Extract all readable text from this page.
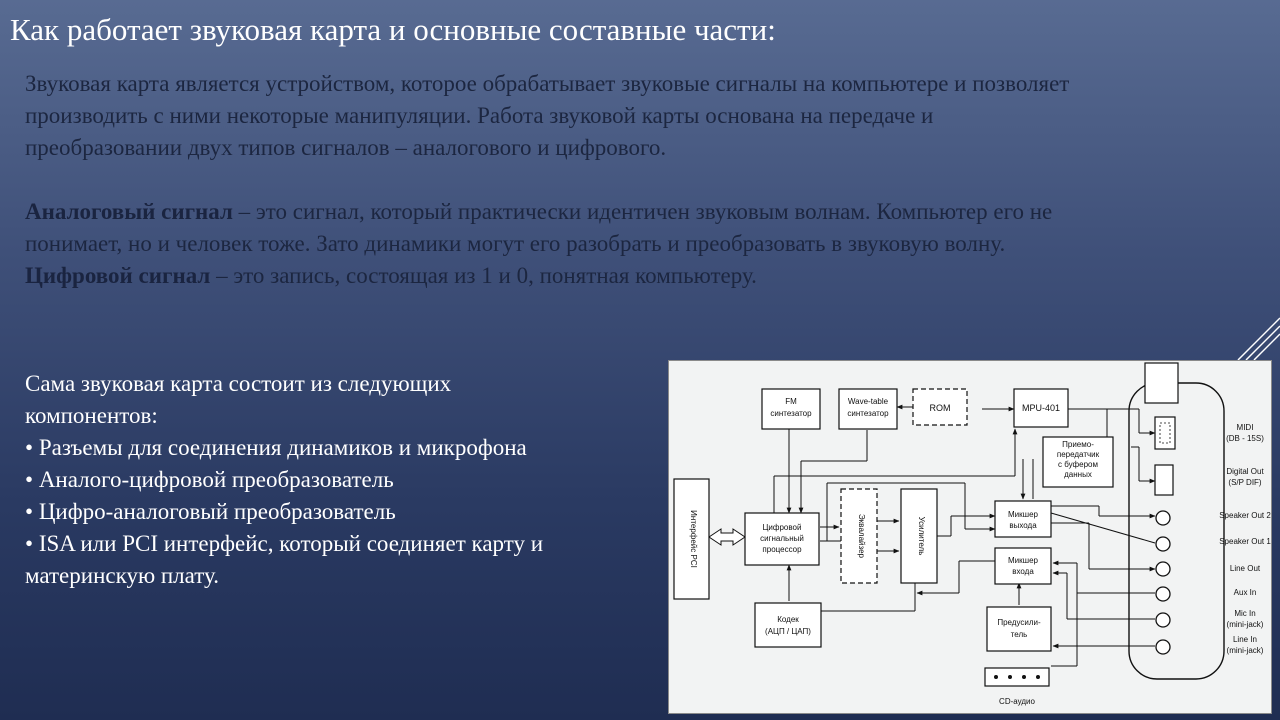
Как работает звуковая карта и основные составные части:

Звуковая карта является устройством, которое обрабатывает звуковые сигналы на компьютере и позволяет

производить с ними некоторые манипуляции. Работа звуковой карты основана на передаче и

преобразовании двух типов сигналов – аналогового и цифрового.

Аналоговый сигнал – это сигнал, который практически идентичен звуковым волнам. Компьютер его не

понимает, но и человек тоже. Зато динамики могут его разобрать и преобразовать в звуковую волну.

Цифровой сигнал – это запись, состоящая из 1 и 0, понятная компьютеру.

Сама звуковая карта состоит из следующих
компонентов:

• Разъемы для соединения динамиков и микрофона
• Аналого-цифровой преобразователь
• Цифро-аналоговый преобразователь
• ISA или PCI интерфейс, который соединяет карту и материнскую плату.
FM
синтезатор
Wave-table
синтезатор
ROM	MPU-401
Приемо-
передатчик
с буфером
данных
Цифровой
сигнальный
процессор
Микшер
выхода
Микшер
входа
Кодек
(АЦП / ЦАП)
Предусили-
тель
CD-аудио
Интерфейс PCI	Эквалайзер	Усилитель
MIDI
(DB - 15S)
Digital Out
(S/P DIF)
Speaker Out 2
Speaker Out 1
Line Out
Aux In
Mic In
(mini-jack)
Line In
(mini-jack)
